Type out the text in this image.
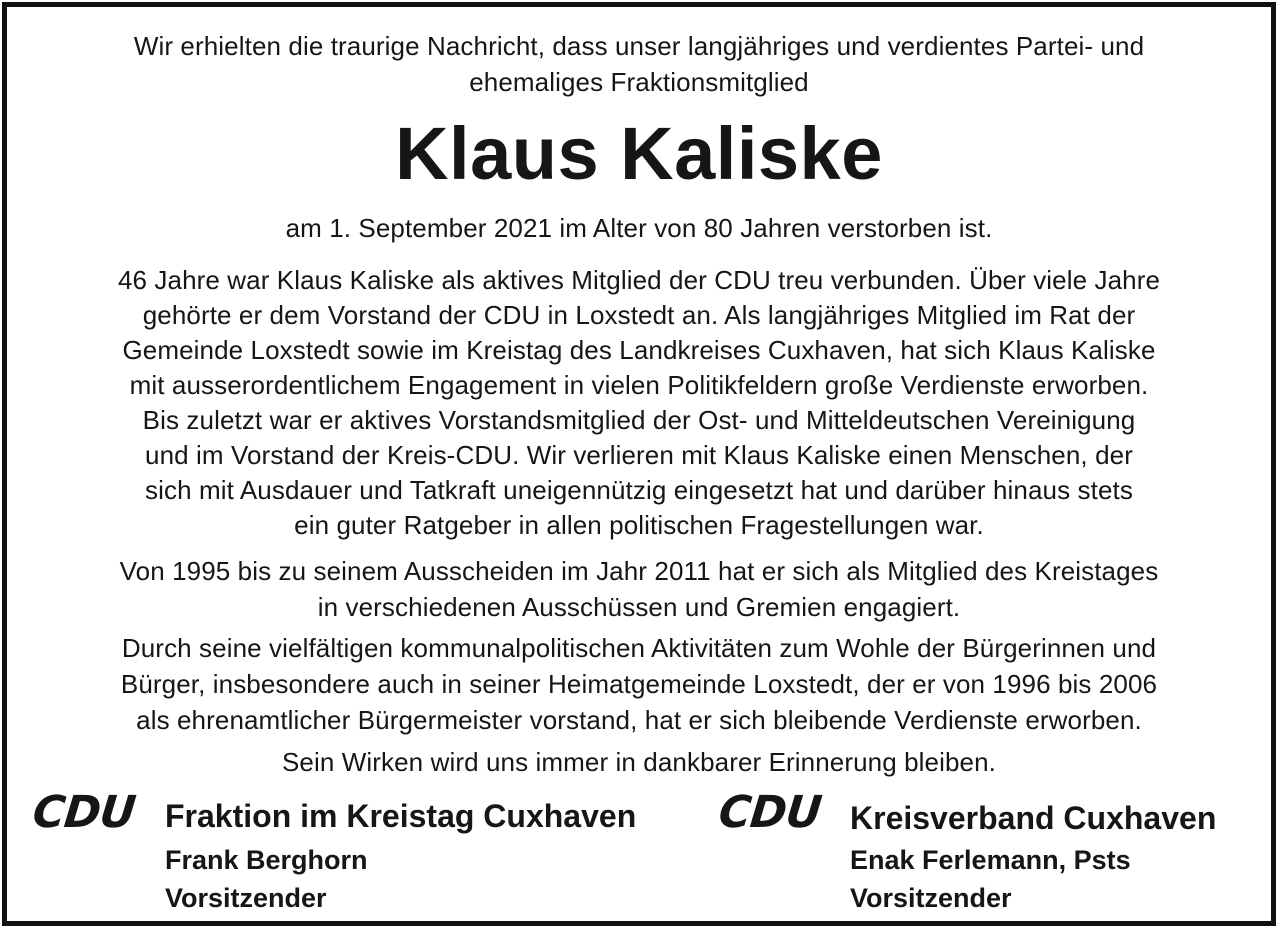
Wir erhielten die traurige Nachricht, dass unser langjähriges und verdientes Partei- und
ehemaliges Fraktionsmitglied
Klaus Kaliske
am 1. September 2021 im Alter von 80 Jahren verstorben ist.
46 Jahre war Klaus Kaliske als aktives Mitglied der CDU treu verbunden. Über viele Jahre
gehörte er dem Vorstand der CDU in Loxstedt an. Als langjähriges Mitglied im Rat der
Gemeinde Loxstedt sowie im Kreistag des Landkreises Cuxhaven, hat sich Klaus Kaliske
mit ausserordentlichem Engagement in vielen Politikfeldern große Verdienste erworben.
Bis zuletzt war er aktives Vorstandsmitglied der Ost- und Mitteldeutschen Vereinigung
und im Vorstand der Kreis-CDU. Wir verlieren mit Klaus Kaliske einen Menschen, der
sich mit Ausdauer und Tatkraft uneigennützig eingesetzt hat und darüber hinaus stets
ein guter Ratgeber in allen politischen Fragestellungen war.
Von 1995 bis zu seinem Ausscheiden im Jahr 2011 hat er sich als Mitglied des Kreistages
in verschiedenen Ausschüssen und Gremien engagiert.
Durch seine vielfältigen kommunalpolitischen Aktivitäten zum Wohle der Bürgerinnen und
Bürger, insbesondere auch in seiner Heimatgemeinde Loxstedt, der er von 1996 bis 2006
als ehrenamtlicher Bürgermeister vorstand, hat er sich bleibende Verdienste erworben.
Sein Wirken wird uns immer in dankbarer Erinnerung bleiben.
CDU Fraktion im Kreistag Cuxhaven
Frank Berghorn
Vorsitzender
CDU Kreisverband Cuxhaven
Enak Ferlemann, Psts
Vorsitzender
